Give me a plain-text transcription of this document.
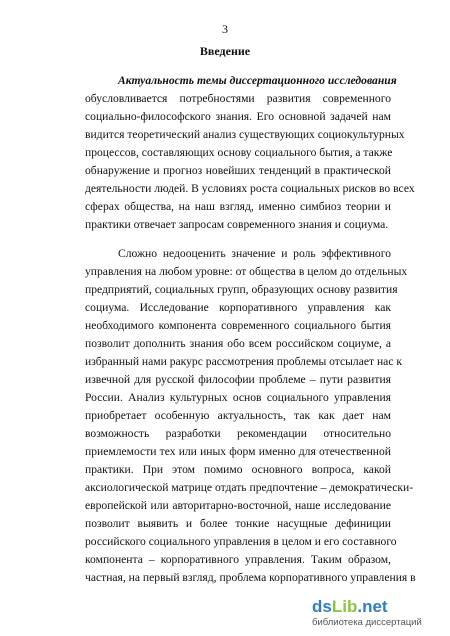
3
Введение
Актуальность темы диссертационного исследования
обусловливается потребностями развития современного
социально-философского знания. Его основной задачей нам
видится теоретический анализ существующих социокультурных
процессов, составляющих основу социального бытия, а также
обнаружение и прогноз новейших тенденций в практической
деятельности людей. В условиях роста социальных рисков во всех
сферах общества, на наш взгляд, именно симбиоз теории и
практики отвечает запросам современного знания и социума.
Сложно недооценить значение и роль эффективного
управления на любом уровне: от общества в целом до отдельных
предприятий, социальных групп, образующих основу развития
социума. Исследование корпоративного управления как
необходимого компонента современного социального бытия
позволит дополнить знания обо всем российском социуме, а
избранный нами ракурс рассмотрения проблемы отсылает нас к
извечной для русской философии проблеме – пути развития
России. Анализ культурных основ социального управления
приобретает особенную актуальность, так как дает нам
возможность разработки рекомендации относительно
приемлемости тех или иных форм именно для отечественной
практики. При этом помимо основного вопроса, какой
аксиологической матрице отдать предпочтение – демократически-
европейской или авторитарно-восточной, наше исследование
позволит выявить и более тонкие насущные дефиниции
российского социального управления в целом и его составного
компонента – корпоративного управления. Таким образом,
частная, на первый взгляд, проблема корпоративного управления в
dsLib.net
библиотека диссертаций
